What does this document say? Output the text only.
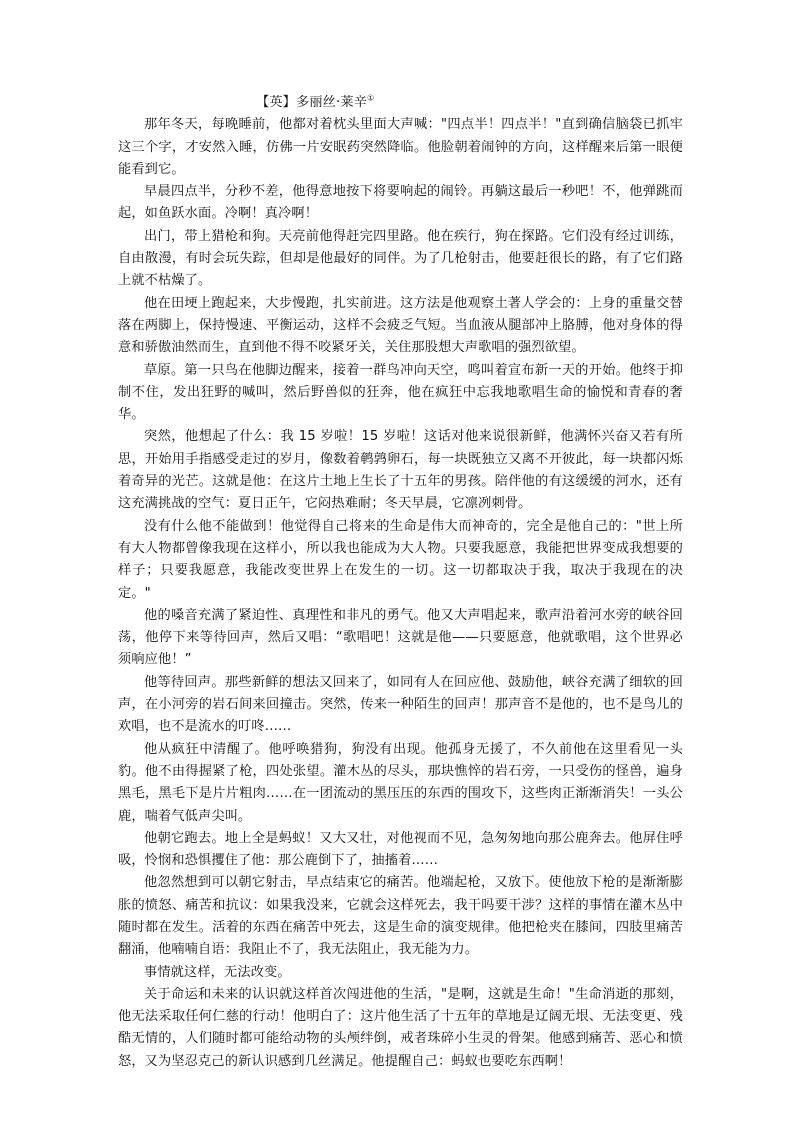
【英】多丽丝·莱辛①

那年冬天，每晚睡前，他都对着枕头里面大声喊："四点半！四点半！"直到确信脑袋已抓牢这三个字，才安然入睡，仿佛一片安眠药突然降临。他脸朝着闹钟的方向，这样醒来后第一眼便能看到它。

早晨四点半，分秒不差，他得意地按下将要响起的闹铃。再躺这最后一秒吧！不，他弹跳而起，如鱼跃水面。冷啊！真冷啊！

出门，带上猎枪和狗。天亮前他得赶完四里路。他在疾行，狗在探路。它们没有经过训练，自由散漫，有时会玩失踪，但却是他最好的同伴。为了几枪射击，他要赶很长的路，有了它们路上就不枯燥了。

他在田埂上跑起来，大步慢跑，扎实前进。这方法是他观察土著人学会的：上身的重量交替落在两脚上，保持慢速、平衡运动，这样不会疲乏气短。当血液从腿部冲上胳膊，他对身体的得意和骄傲油然而生，直到他不得不咬紧牙关，关住那股想大声歌唱的强烈欲望。

草原。第一只鸟在他脚边醒来，接着一群鸟冲向天空，鸣叫着宣布新一天的开始。他终于抑制不住，发出狂野的喊叫，然后野兽似的狂奔，他在疯狂中忘我地歌唱生命的愉悦和青春的奢华。

突然，他想起了什么：我 15 岁啦！15 岁啦！这话对他来说很新鲜，他满怀兴奋又若有所思，开始用手指感受走过的岁月，像数着鹌鹑卵石，每一块既独立又离不开彼此，每一块都闪烁着奇异的光芒。这就是他：在这片土地上生长了十五年的男孩。陪伴他的有这缓缓的河水，还有这充满挑战的空气：夏日正午，它闷热难耐；冬天早晨，它凛冽刺骨。

没有什么他不能做到！他觉得自己将来的生命是伟大而神奇的，完全是他自己的："世上所有大人物都曾像我现在这样小，所以我也能成为大人物。只要我愿意，我能把世界变成我想要的样子；只要我愿意，我能改变世界上在发生的一切。这一切都取决于我，取决于我现在的决定。"

他的嗓音充满了紧迫性、真理性和非凡的勇气。他又大声唱起来，歌声沿着河水旁的峡谷回荡，他停下来等待回声，然后又唱：“歌唱吧！这就是他——只要愿意，他就歌唱，这个世界必须响应他！”

他等待回声。那些新鲜的想法又回来了，如同有人在回应他、鼓励他，峡谷充满了细软的回声，在小河旁的岩石间来回撞击。突然，传来一种陌生的回声！那声音不是他的，也不是鸟儿的欢唱，也不是流水的叮咚……

他从疯狂中清醒了。他呼唤猎狗，狗没有出现。他孤身无援了，不久前他在这里看见一头豹。他不由得握紧了枪，四处张望。灌木丛的尽头，那块憔悴的岩石旁，一只受伤的怪兽，遍身黑毛，黑毛下是片片粗肉……在一团流动的黑压压的东西的围攻下，这些肉正渐渐消失！一头公鹿，喘着气低声尖叫。

他朝它跑去。地上全是蚂蚁！又大又壮，对他视而不见，急匆匆地向那公鹿奔去。他屏住呼吸，怜悯和恐惧攫住了他：那公鹿倒下了，抽搐着……

他忽然想到可以朝它射击，早点结束它的痛苦。他端起枪，又放下。使他放下枪的是渐渐膨胀的愤怒、痛苦和抗议：如果我没来，它就会这样死去，我干吗要干涉？这样的事情在灌木丛中随时都在发生。活着的东西在痛苦中死去，这是生命的演变规律。他把枪夹在膝间，四肢里痛苦翻涌，他喃喃自语：我阻止不了，我无法阻止，我无能为力。

事情就这样，无法改变。

关于命运和未来的认识就这样首次闯进他的生活，"是啊，这就是生命！"生命消逝的那刻，他无法采取任何仁慈的行动！他明白了：这片他生活了十五年的草地是辽阔无垠、无法变更、残酷无情的，人们随时都可能给动物的头颅绊倒，戒者珠碎小生灵的骨架。他感到痛苦、恶心和愤怒，又为坚忍克己的新认识感到几丝满足。他提醒自己：蚂蚁也要吃东西啊！
